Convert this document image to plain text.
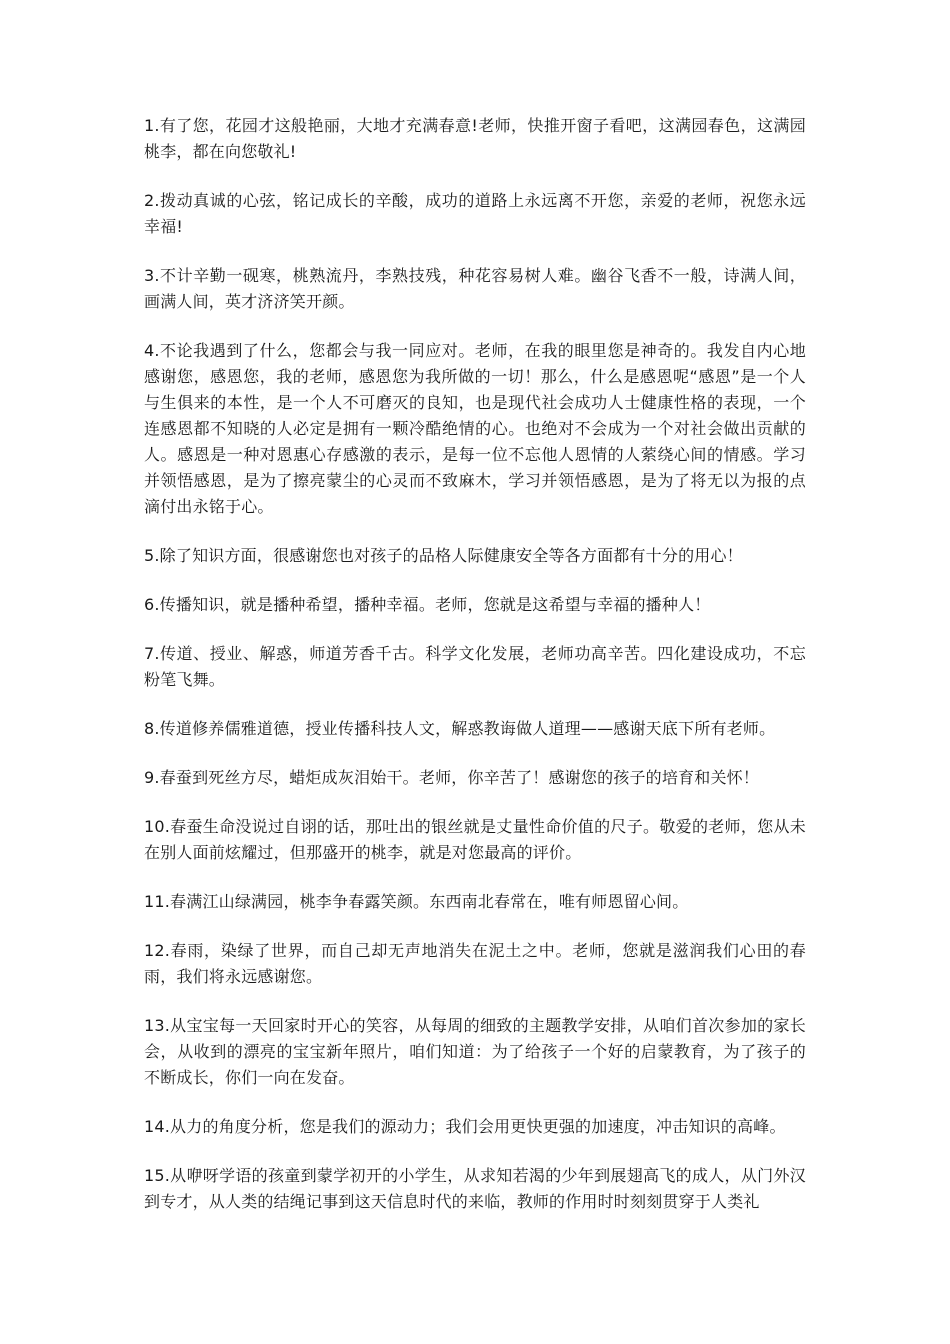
1.有了您，花园才这般艳丽，大地才充满春意!老师，快推开窗子看吧，这满园春色，这满园桃李，都在向您敬礼!

2.拨动真诚的心弦，铭记成长的辛酸，成功的道路上永远离不开您，亲爱的老师，祝您永远幸福!

3.不计辛勤一砚寒，桃熟流丹，李熟技残，种花容易树人难。幽谷飞香不一般，诗满人间，画满人间，英才济济笑开颜。

4.不论我遇到了什么，您都会与我一同应对。老师，在我的眼里您是神奇的。我发自内心地感谢您，感恩您，我的老师，感恩您为我所做的一切！那么，什么是感恩呢“感恩”是一个人与生俱来的本性，是一个人不可磨灭的良知，也是现代社会成功人士健康性格的表现，一个连感恩都不知晓的人必定是拥有一颗冷酷绝情的心。也绝对不会成为一个对社会做出贡献的人。感恩是一种对恩惠心存感激的表示，是每一位不忘他人恩情的人萦绕心间的情感。学习并领悟感恩，是为了擦亮蒙尘的心灵而不致麻木，学习并领悟感恩，是为了将无以为报的点滴付出永铭于心。

5.除了知识方面，很感谢您也对孩子的品格人际健康安全等各方面都有十分的用心！

6.传播知识，就是播种希望，播种幸福。老师，您就是这希望与幸福的播种人！

7.传道、授业、解惑，师道芳香千古。科学文化发展，老师功高辛苦。四化建设成功，不忘粉笔飞舞。

8.传道修养儒雅道德，授业传播科技人文，解惑教诲做人道理——感谢天底下所有老师。

9.春蚕到死丝方尽，蜡炬成灰泪始干。老师，你辛苦了！感谢您的孩子的培育和关怀！

10.春蚕生命没说过自诩的话，那吐出的银丝就是丈量性命价值的尺子。敬爱的老师，您从未在别人面前炫耀过，但那盛开的桃李，就是对您最高的评价。

11.春满江山绿满园，桃李争春露笑颜。东西南北春常在，唯有师恩留心间。

12.春雨，染绿了世界，而自己却无声地消失在泥土之中。老师，您就是滋润我们心田的春雨，我们将永远感谢您。

13.从宝宝每一天回家时开心的笑容，从每周的细致的主题教学安排，从咱们首次参加的家长会，从收到的漂亮的宝宝新年照片，咱们知道：为了给孩子一个好的启蒙教育，为了孩子的不断成长，你们一向在发奋。

14.从力的角度分析，您是我们的源动力；我们会用更快更强的加速度，冲击知识的高峰。

15.从咿呀学语的孩童到蒙学初开的小学生，从求知若渴的少年到展翅高飞的成人，从门外汉到专才，从人类的结绳记事到这天信息时代的来临，教师的作用时时刻刻贯穿于人类礼
